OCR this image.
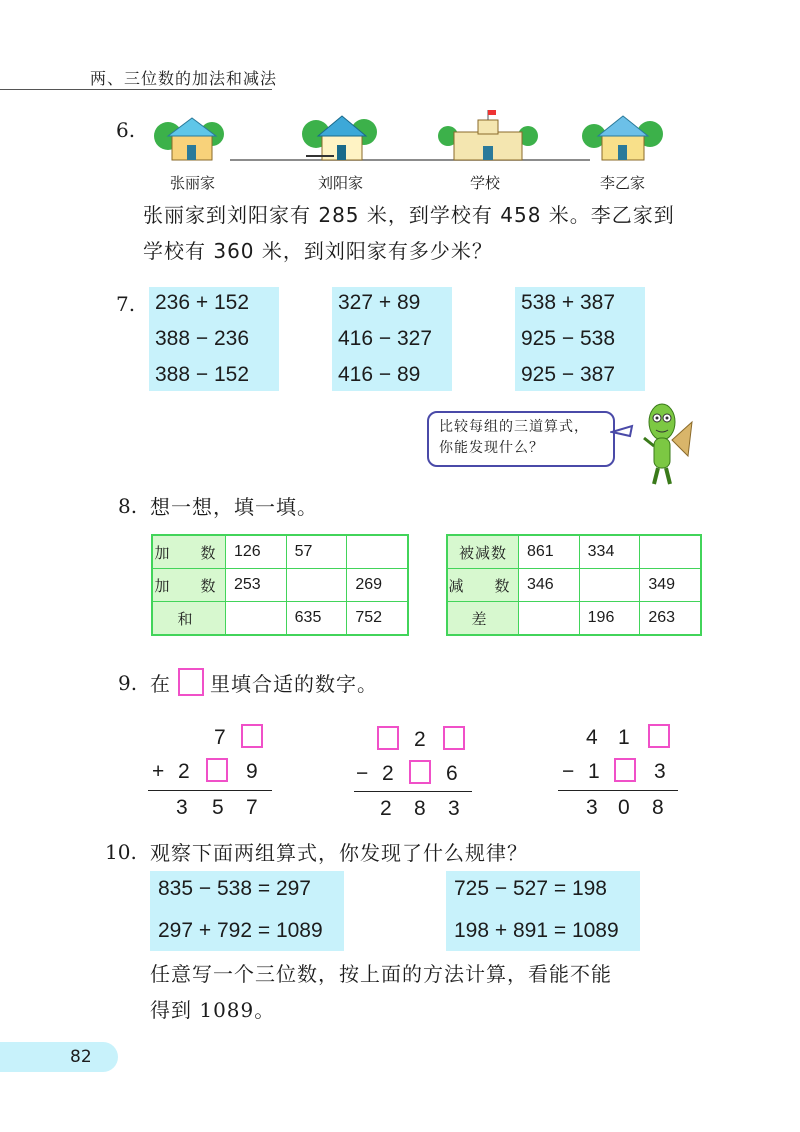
两、三位数的加法和减法
6.
张丽家	刘阳家	学校	李乙家
张丽家到刘阳家有 285 米，到学校有 458 米。李乙家到
学校有 360 米，到刘阳家有多少米？
7. 236 + 152
388 − 236
388 − 152
327 + 89
416 − 327
416 − 89
538 + 387
925 − 538
925 − 387
比较每组的三道算式，
你能发现什么？
8. 想一想，填一填。
加　数	126	57	
加　数	253		269
和		635	752
被减数	861	334	
减　数	346		349
差		196	263
9. 在 里填合适的数字。
7
+ 2	9
3 5 7
2
− 2 6
2 8 3
4 1
− 1	3
3 0 8
10. 观察下面两组算式，你发现了什么规律？
835 − 538 = 297
297 + 792 = 1089
725 − 527 = 198
198 + 891 = 1089
任意写一个三位数，按上面的方法计算，看能不能
得到 1089。
82
